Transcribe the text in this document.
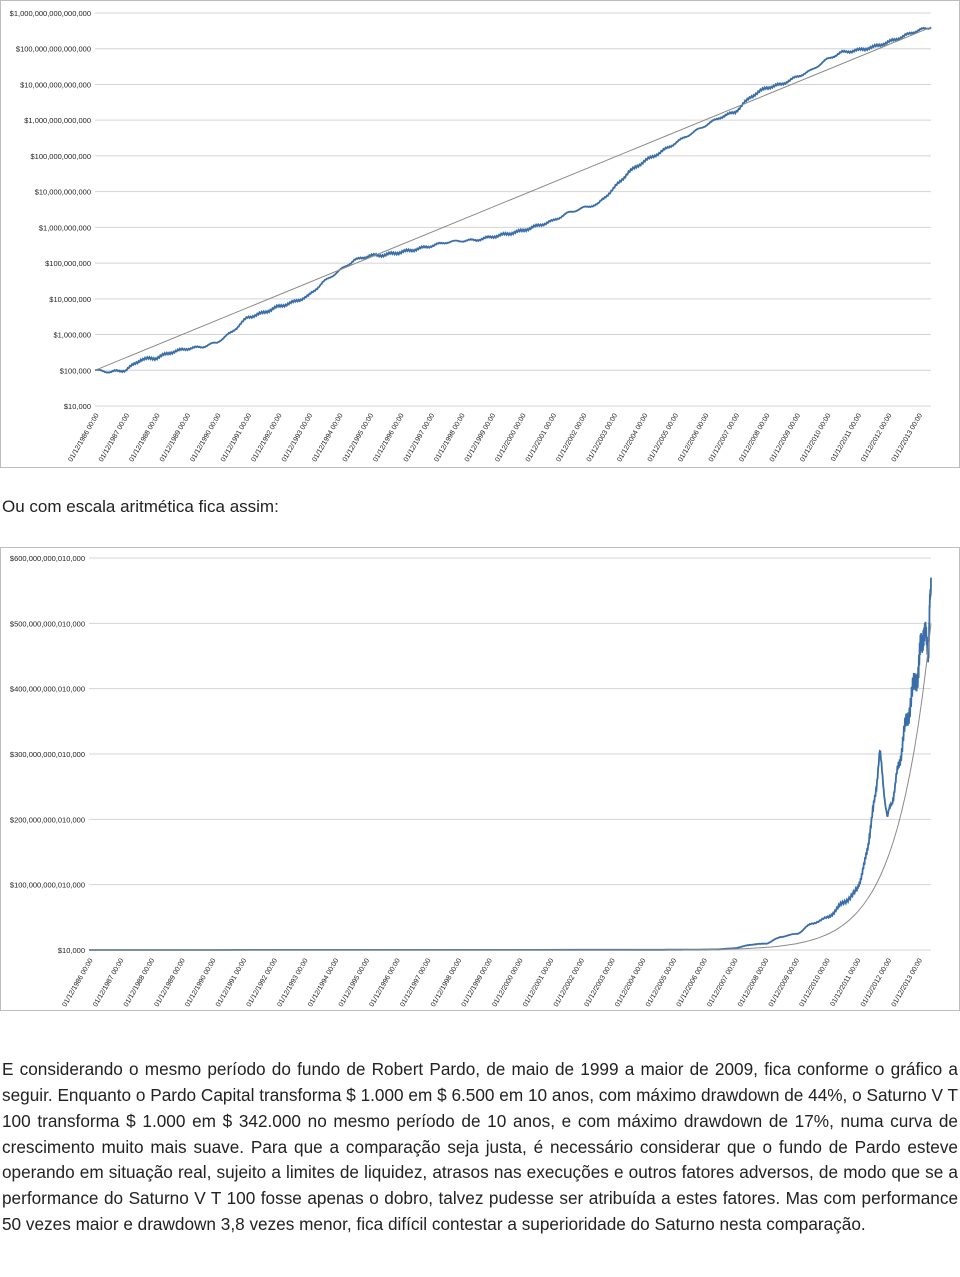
$1,000,000,000,000,000
$100,000,000,000,000
$10,000,000,000,000
$1,000,000,000,000
$100,000,000,000
$10,000,000,000
$1,000,000,000
$100,000,000
$10,000,000
$1,000,000
$100,000
$10,000
01/12/1986 00:00
01/12/1987 00:00
01/12/1988 00:00
01/12/1989 00:00
01/12/1990 00:00
01/12/1991 00:00
01/12/1992 00:00
01/12/1993 00:00
01/12/1994 00:00
01/12/1995 00:00
01/12/1996 00:00
01/12/1997 00:00
01/12/1998 00:00
01/12/1999 00:00
01/12/2000 00:00
01/12/2001 00:00
01/12/2002 00:00
01/12/2003 00:00
01/12/2004 00:00
01/12/2005 00:00
01/12/2006 00:00
01/12/2007 00:00
01/12/2008 00:00
01/12/2009 00:00
01/12/2010 00:00
01/12/2011 00:00
01/12/2012 00:00
01/12/2013 00:00
Ou com escala aritmética fica assim:
$600,000,000,010,000
$500,000,000,010,000
$400,000,000,010,000
$300,000,000,010,000
$200,000,000,010,000
$100,000,000,010,000
$10,000
01/12/1986 00:00
01/12/1987 00:00
01/12/1988 00:00
01/12/1989 00:00
01/12/1990 00:00
01/12/1991 00:00
01/12/1992 00:00
01/12/1993 00:00
01/12/1994 00:00
01/12/1995 00:00
01/12/1996 00:00
01/12/1997 00:00
01/12/1998 00:00
01/12/1999 00:00
01/12/2000 00:00
01/12/2001 00:00
01/12/2002 00:00
01/12/2003 00:00
01/12/2004 00:00
01/12/2005 00:00
01/12/2006 00:00
01/12/2007 00:00
01/12/2008 00:00
01/12/2009 00:00
01/12/2010 00:00
01/12/2011 00:00
01/12/2012 00:00
01/12/2013 00:00

E considerando o mesmo período do fundo de Robert Pardo, de maio de 1999 a maior de 2009, fica conforme o gráfico a seguir. Enquanto o Pardo Capital transforma $ 1.000 em $ 6.500 em 10 anos, com máximo drawdown de 44%, o Saturno V T 100 transforma $ 1.000 em $ 342.000 no mesmo período de 10 anos, e com máximo drawdown de 17%, numa curva de crescimento muito mais suave. Para que a comparação seja justa, é necessário considerar que o fundo de Pardo esteve operando em situação real, sujeito a limites de liquidez, atrasos nas execuções e outros fatores adversos, de modo que se a performance do Saturno V T 100 fosse apenas o dobro, talvez pudesse ser atribuída a estes fatores. Mas com performance 50 vezes maior e drawdown 3,8 vezes menor, fica difícil contestar a superioridade do Saturno nesta comparação.
